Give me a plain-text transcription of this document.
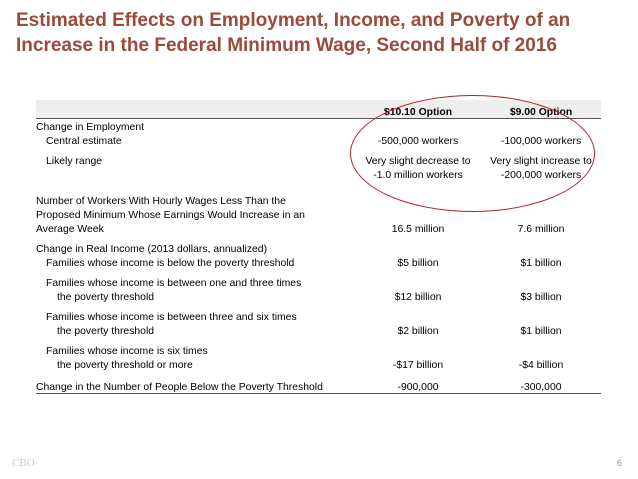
Estimated Effects on Employment, Income, and Poverty of an
Increase in the Federal Minimum Wage, Second Half of 2016
	$10.10 Option	$9.00 Option
Change in Employment		
Central estimate	-500,000 workers	-100,000 workers

Likely range	Very slight decrease to	Very slight increase to
	-1.0 million workers	-200,000 workers

Number of Workers With Hourly Wages Less Than the		
Proposed Minimum Whose Earnings Would Increase in an		
Average Week	16.5 million	7.6 million

Change in Real Income (2013 dollars, annualized)		
Families whose income is below the poverty threshold	$5 billion	$1 billion

Families whose income is between one and three times		
the poverty threshold	$12 billion	$3 billion

Families whose income is between three and six times		
the poverty threshold	$2 billion	$1 billion

Families whose income is six times		
the poverty threshold or more	-$17 billion	-$4 billion

Change in the Number of People Below the Poverty Threshold	-900,000	-300,000
CBO	6
